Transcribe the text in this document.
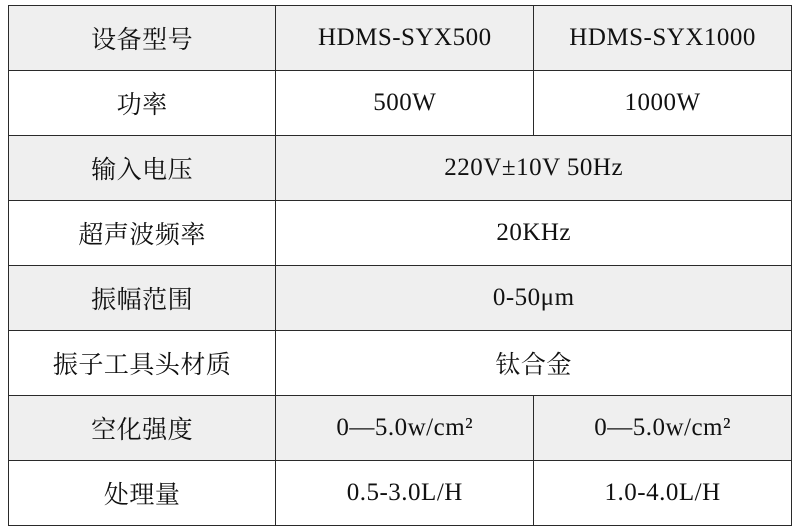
设备型号	HDMS-SYX500	HDMS-SYX1000
功率	500W	1000W
输入电压	220V±10V 50Hz	
超声波频率	20KHz	
振幅范围	0-50μm	
振子工具头材质	钛合金	
空化强度	0—5.0w/cm²	0—5.0w/cm²
处理量	0.5-3.0L/H	1.0-4.0L/H
